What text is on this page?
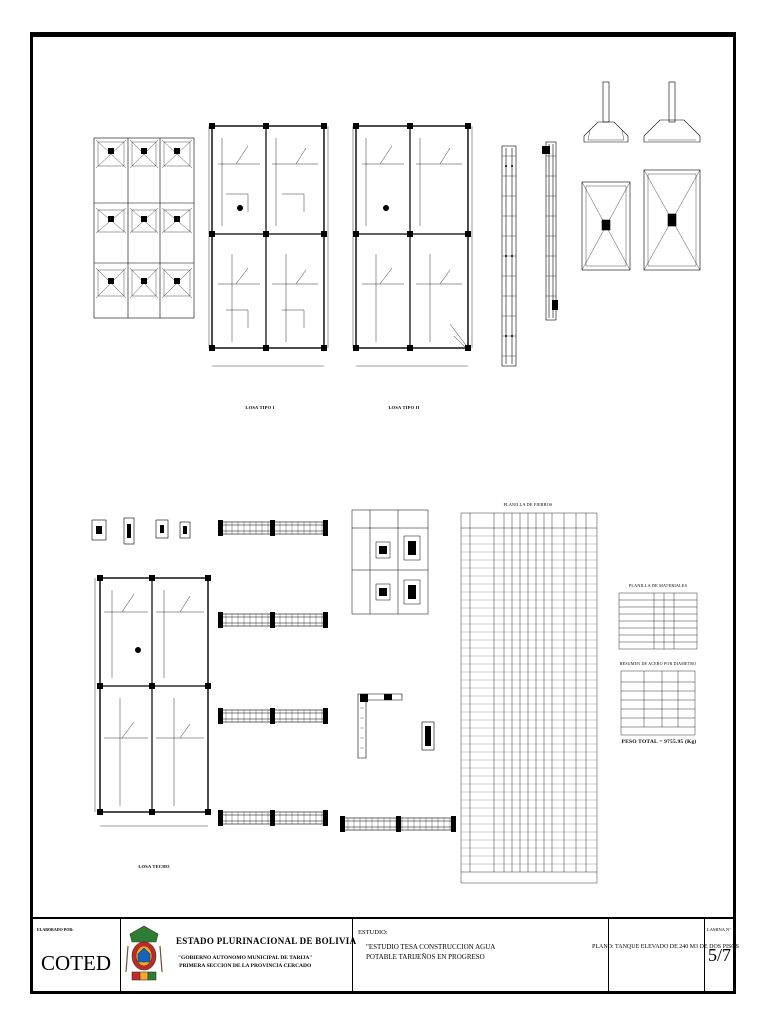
LOSA TIPO I	LOSA TIPO II

LOSA TECHO

PLANILLA DE FIERROS
PLANILLA DE MATERIALES
RESUMEN DE ACERO POR DIAMETRO
PESO TOTAL = 9755.95 (Kg)
ELABORADO POR:
COTED
ESTADO PLURINACIONAL DE BOLIVIA
"GOBIERNO AUTONOMO MUNICIPAL DE TARIJA"
PRIMERA SECCION DE LA PROVINCIA CERCADO
ESTUDIO:
"ESTUDIO TESA CONSTRUCCION AGUA
POTABLE TARIJEÑOS EN PROGRESO
PLANO: TANQUE ELEVADO DE 240 M3 DE DOS PISOS
LAMINA N°
5/7
